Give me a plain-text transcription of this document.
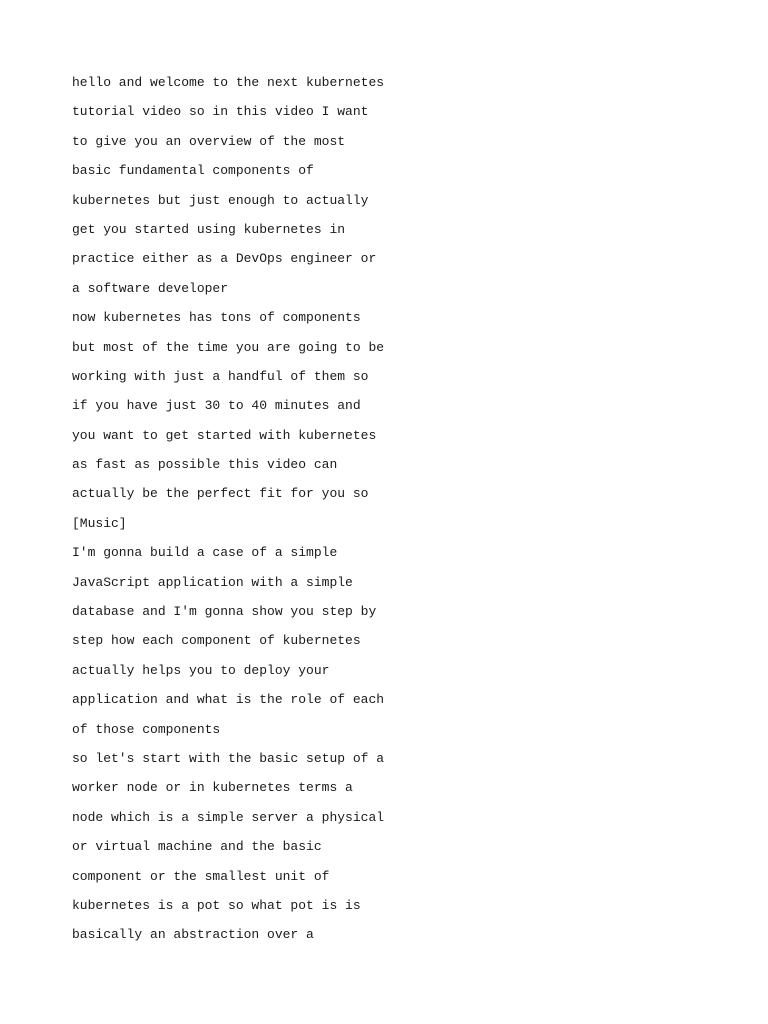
hello and welcome to the next kubernetes

tutorial video so in this video I want

to give you an overview of the most

basic fundamental components of

kubernetes but just enough to actually

get you started using kubernetes in

practice either as a DevOps engineer or

a software developer

now kubernetes has tons of components

but most of the time you are going to be

working with just a handful of them so

if you have just 30 to 40 minutes and

you want to get started with kubernetes

as fast as possible this video can

actually be the perfect fit for you so

[Music]

I'm gonna build a case of a simple

JavaScript application with a simple

database and I'm gonna show you step by

step how each component of kubernetes

actually helps you to deploy your

application and what is the role of each

of those components

so let's start with the basic setup of a

worker node or in kubernetes terms a

node which is a simple server a physical

or virtual machine and the basic

component or the smallest unit of

kubernetes is a pot so what pot is is

basically an abstraction over a
